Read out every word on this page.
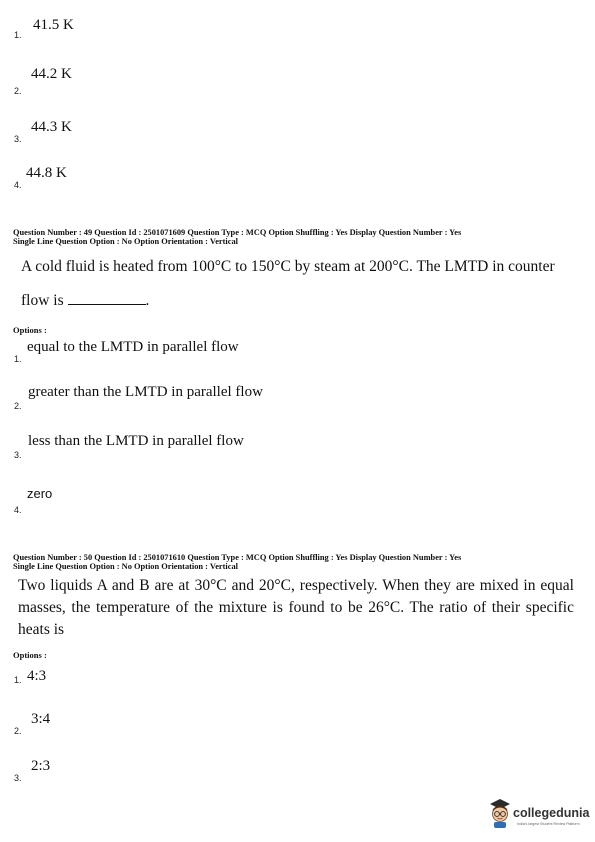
1.
41.5 K
2.
44.2 K
3.
44.3 K
4.
44.8 K
Question Number : 49 Question Id : 2501071609 Question Type : MCQ Option Shuffling : Yes Display Question Number : Yes
Single Line Question Option : No Option Orientation : Vertical
A cold fluid is heated from 100°C to 150°C by steam at 200°C. The LMTD in counter
flow is	.
Options :
1.
equal to the LMTD in parallel flow
2.
greater than the LMTD in parallel flow
3.
less than the LMTD in parallel flow
4.
zero
Question Number : 50 Question Id : 2501071610 Question Type : MCQ Option Shuffling : Yes Display Question Number : Yes
Single Line Question Option : No Option Orientation : Vertical
Two liquids A and B are at 30°C and 20°C, respectively. When they are mixed in equal masses, the temperature of the mixture is found to be 26°C. The ratio of their specific heats is
Options :
1. 4:3
2.
3:4
3.
2:3
collegedunia
India's largest Student Review Platform
